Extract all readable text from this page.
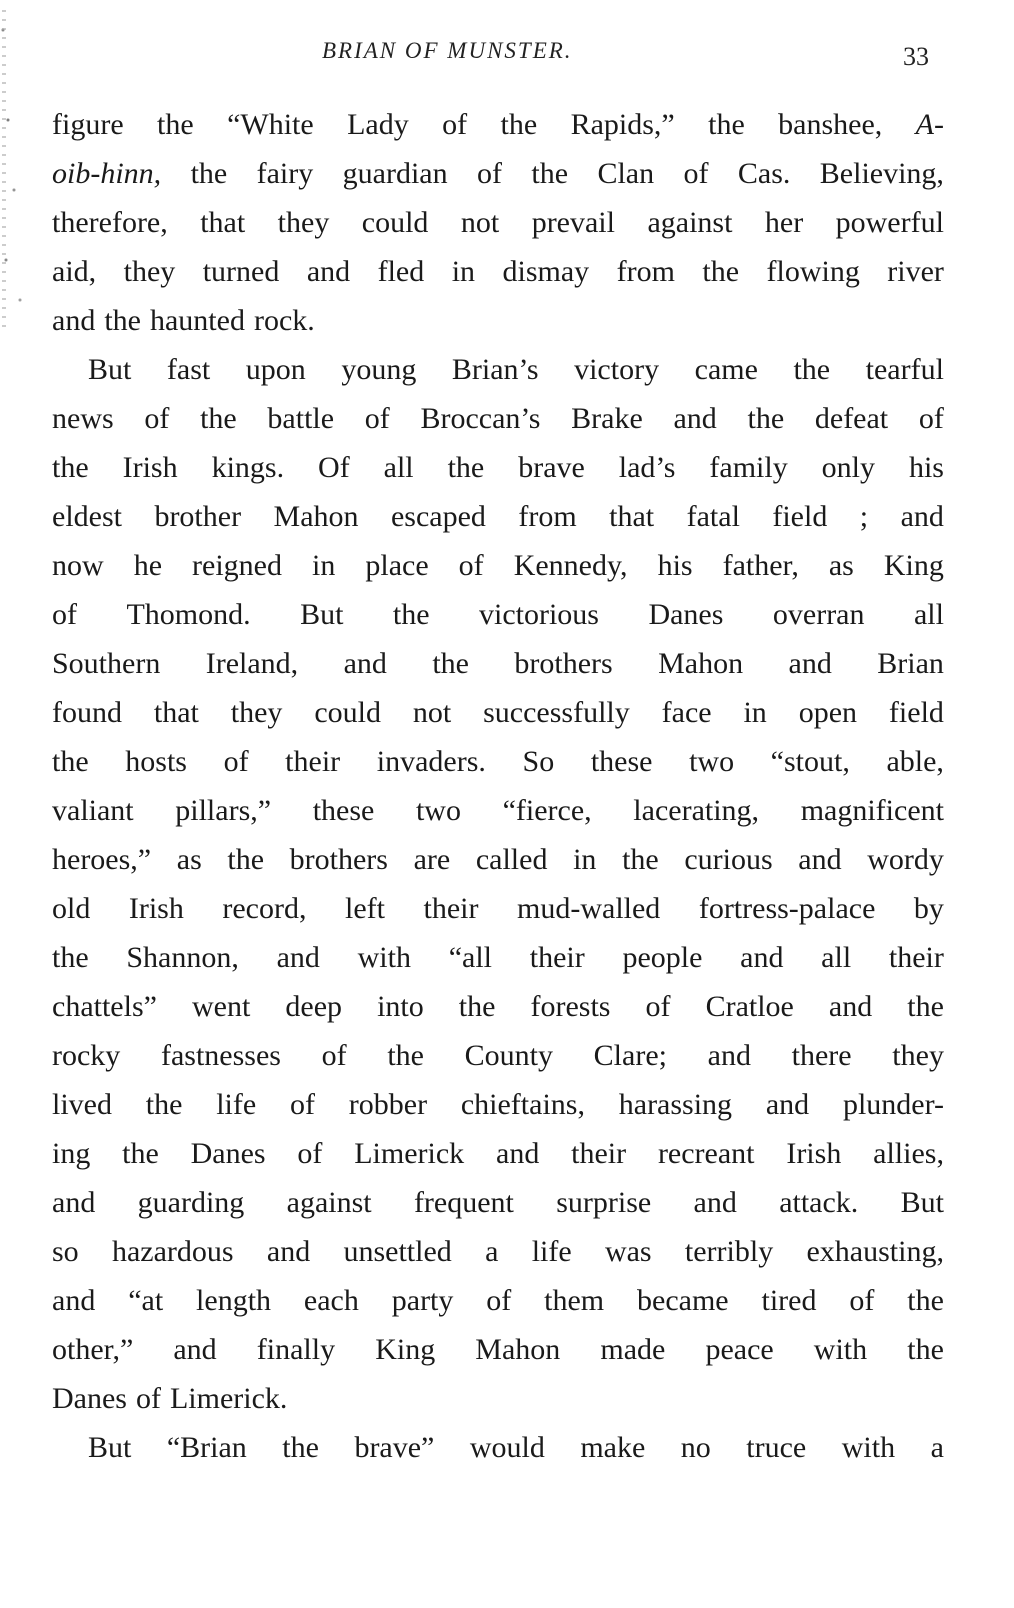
BRIAN OF MUNSTER.	33
figure the “White Lady of the Rapids,” the banshee, A-
oib-hinn, the fairy guardian of the Clan of Cas. Believing,
therefore, that they could not prevail against her powerful
aid, they turned and fled in dismay from the flowing river
and the haunted rock.
But fast upon young Brian’s victory came the tearful
news of the battle of Broccan’s Brake and the defeat of
the Irish kings. Of all the brave lad’s family only his
eldest brother Mahon escaped from that fatal field ; and
now he reigned in place of Kennedy, his father, as King
of Thomond. But the victorious Danes overran all
Southern Ireland, and the brothers Mahon and Brian
found that they could not successfully face in open field
the hosts of their invaders. So these two “stout, able,
valiant pillars,” these two “fierce, lacerating, magnificent
heroes,” as the brothers are called in the curious and wordy
old Irish record, left their mud-walled fortress-palace by
the Shannon, and with “all their people and all their
chattels” went deep into the forests of Cratloe and the
rocky fastnesses of the County Clare; and there they
lived the life of robber chieftains, harassing and plunder-
ing the Danes of Limerick and their recreant Irish allies,
and guarding against frequent surprise and attack. But
so hazardous and unsettled a life was terribly exhausting,
and “at length each party of them became tired of the
other,” and finally King Mahon made peace with the
Danes of Limerick.
But “Brian the brave” would make no truce with a
